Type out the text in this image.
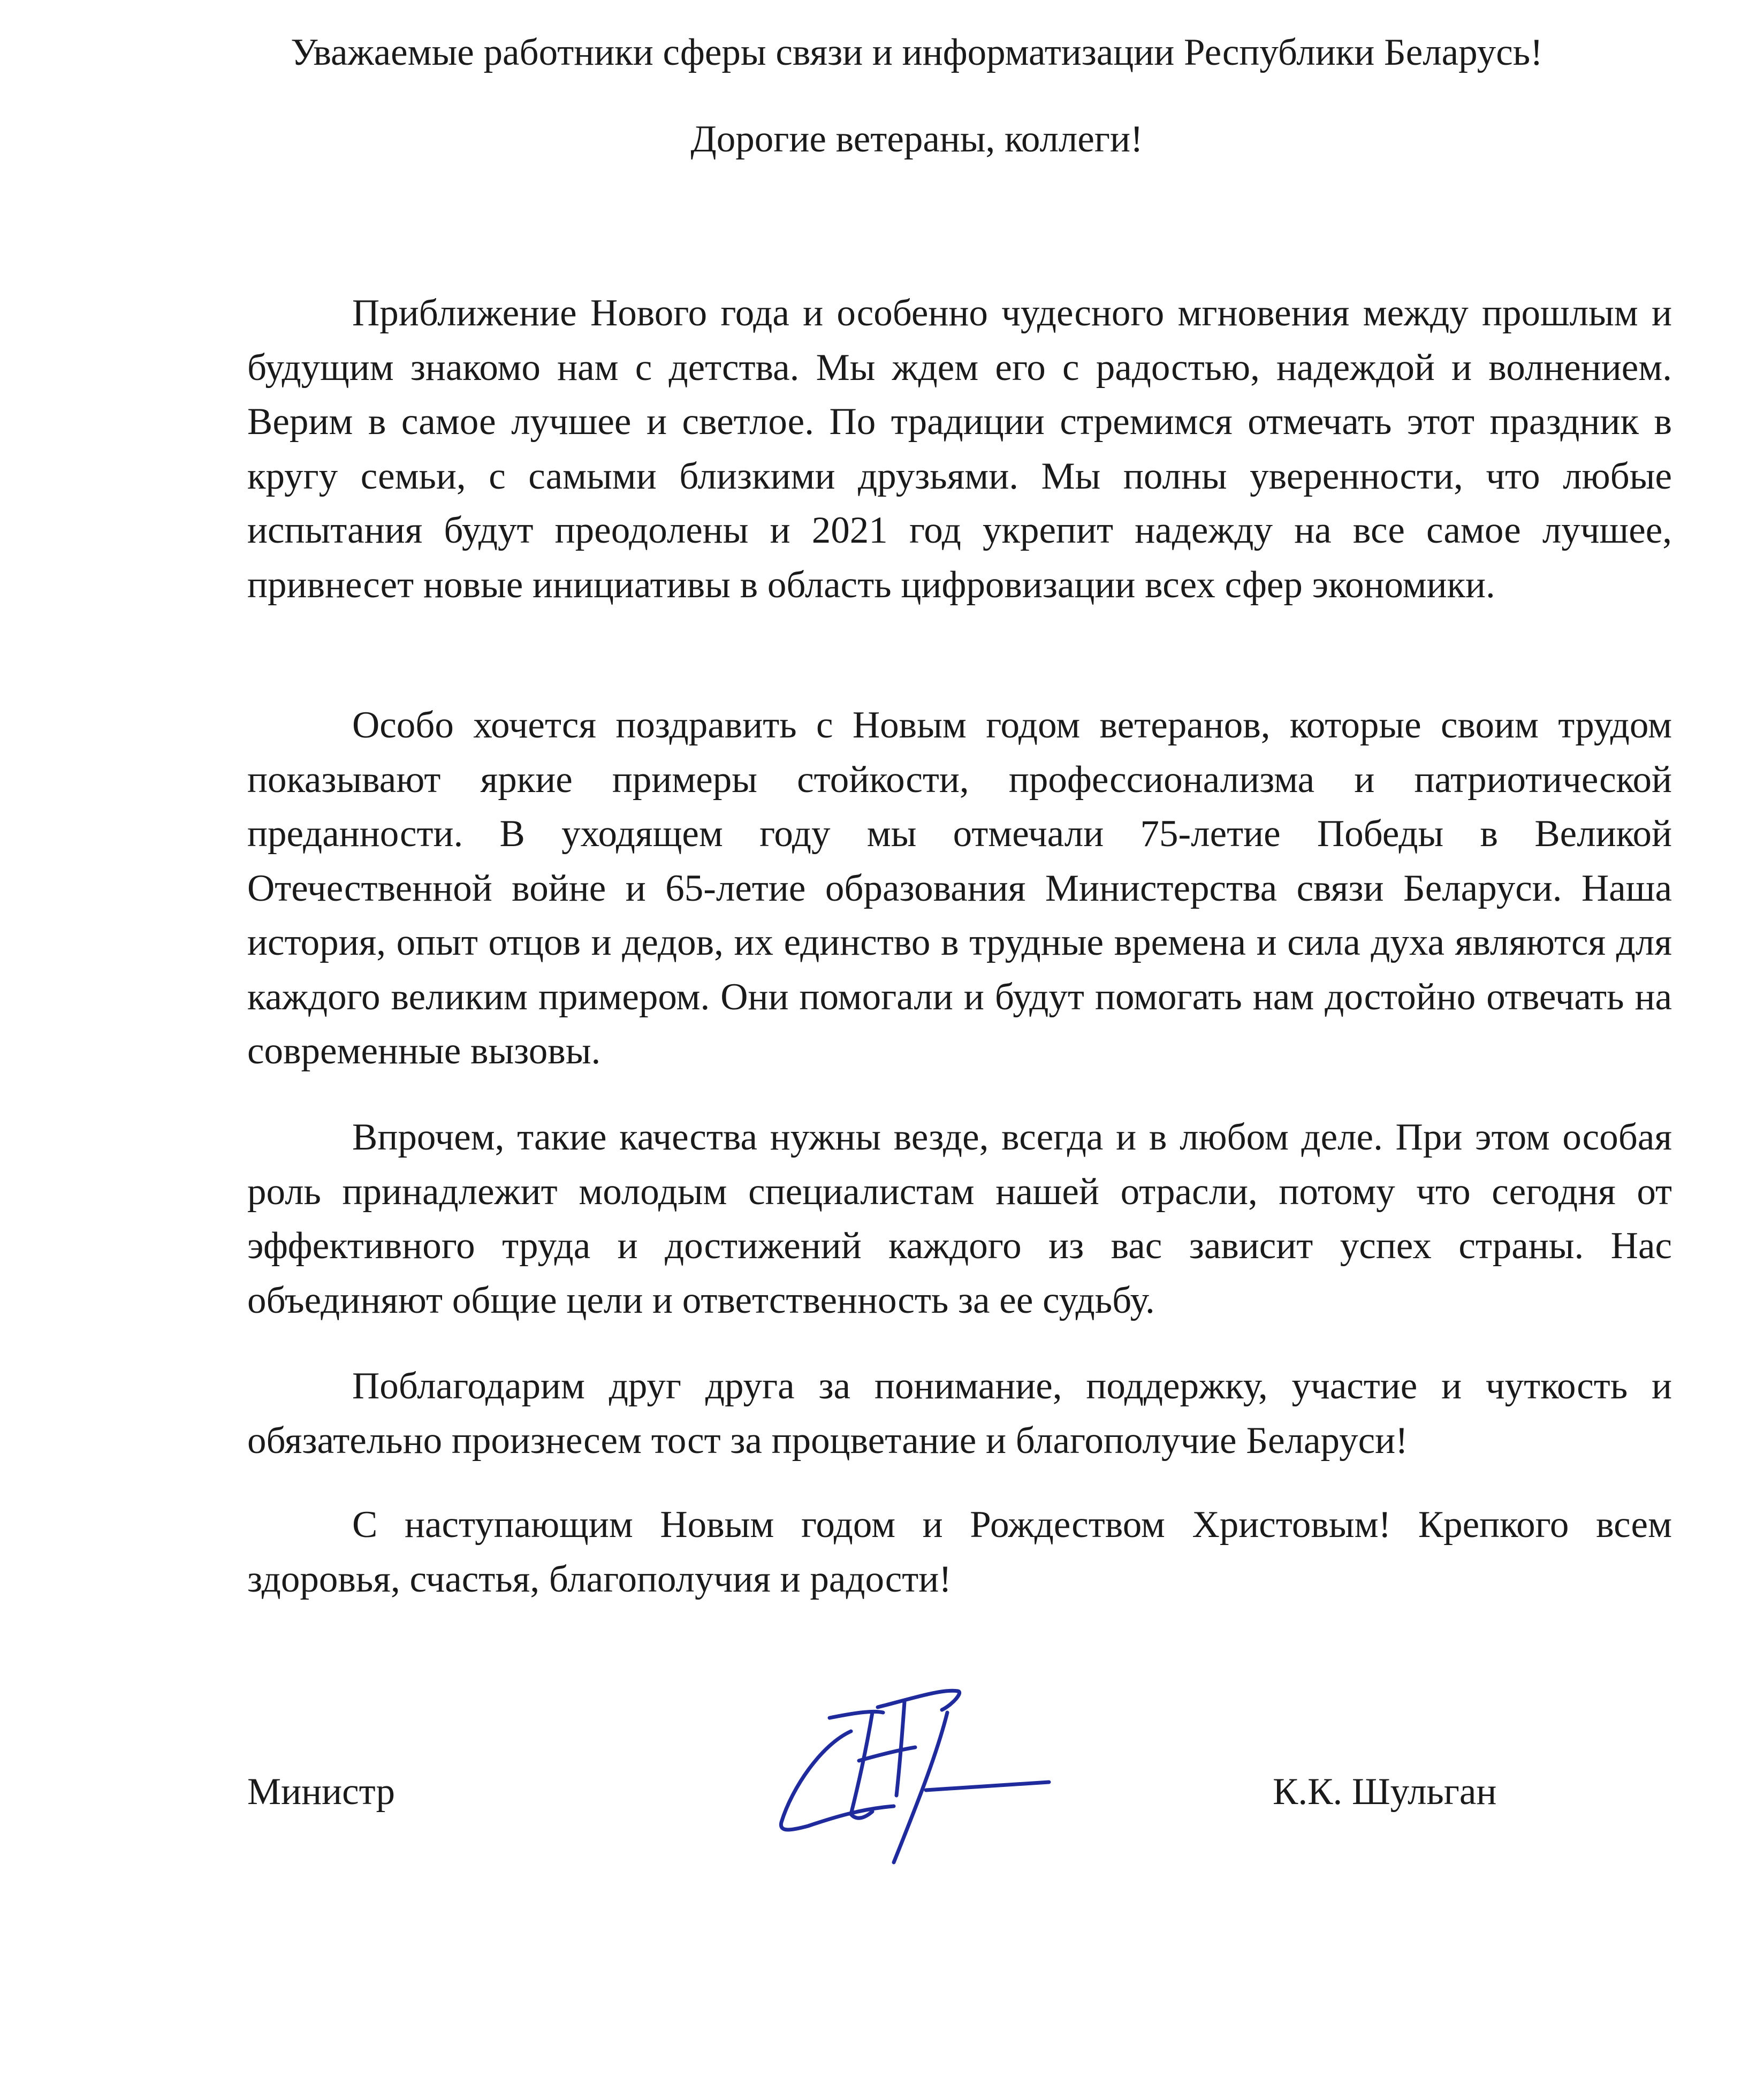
Уважаемые работники сферы связи и информатизации Республики Беларусь!
Дорогие ветераны, коллеги!

Приближение Нового года и особенно чудесного мгновения между прошлым и будущим знакомо нам с детства. Мы ждем его с радостью, надеждой и волнением. Верим в самое лучшее и светлое. По традиции стремимся отмечать этот праздник в кругу семьи, с самыми близкими друзьями. Мы полны уверенности, что любые испытания будут преодолены и 2021 год укрепит надежду на все самое лучшее, привнесет новые инициативы в область цифровизации всех сфер экономики.

Особо хочется поздравить с Новым годом ветеранов, которые своим трудом показывают яркие примеры стойкости, профессионализма и патриотической преданности. В уходящем году мы отмечали 75-летие Победы в Великой Отечественной войне и 65-летие образования Министерства связи Беларуси. Наша история, опыт отцов и дедов, их единство в трудные времена и сила духа являются для каждого великим примером. Они помогали и будут помогать нам достойно отвечать на современные вызовы.

Впрочем, такие качества нужны везде, всегда и в любом деле. При этом особая роль принадлежит молодым специалистам нашей отрасли, потому что сегодня от эффективного труда и достижений каждого из вас зависит успех страны. Нас объединяют общие цели и ответственность за ее судьбу.

Поблагодарим друг друга за понимание, поддержку, участие и чуткость и обязательно произнесем тост за процветание и благополучие Беларуси!

С наступающим Новым годом и Рождеством Христовым! Крепкого всем здоровья, счастья, благополучия и радости!

Министр	К.К. Шульган
